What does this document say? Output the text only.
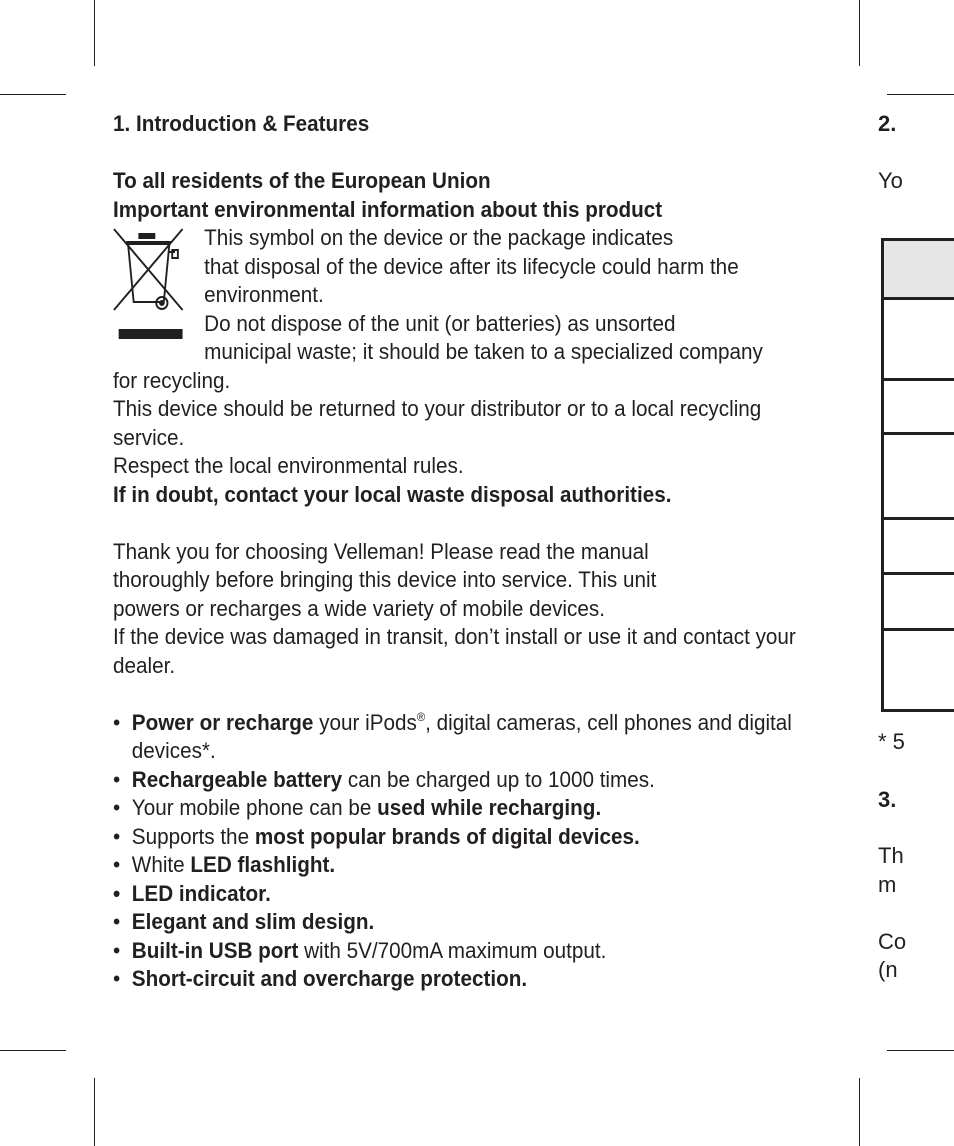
1. Introduction & Features

To all residents of the European Union

Important environmental information about this product

This symbol on the device or the package indicates

that disposal of the device after its lifecycle could harm the

environment.

Do not dispose of the unit (or batteries) as unsorted

municipal waste; it should be taken to a specialized company

for recycling.

This device should be returned to your distributor or to a local recycling service.

Respect the local environmental rules.

If in doubt, contact your local waste disposal authorities.

Thank you for choosing Velleman! Please read the manual

thoroughly before bringing this device into service. This unit

powers or recharges a wide variety of mobile devices.

If the device was damaged in transit, don’t install or use it and contact your dealer.

• Power or recharge your iPods®, digital cameras, cell phones and digital devices*.
• Rechargeable battery can be charged up to 1000 times.
• Your mobile phone can be used while recharging.
• Supports the most popular brands of digital devices.
• White LED flashlight.
• LED indicator.
• Elegant and slim design.
• Built-in USB port with 5V/700mA maximum output.
• Short-circuit and overcharge protection.
2.
Yo
* 5
3.
Th
m
Co
(n
